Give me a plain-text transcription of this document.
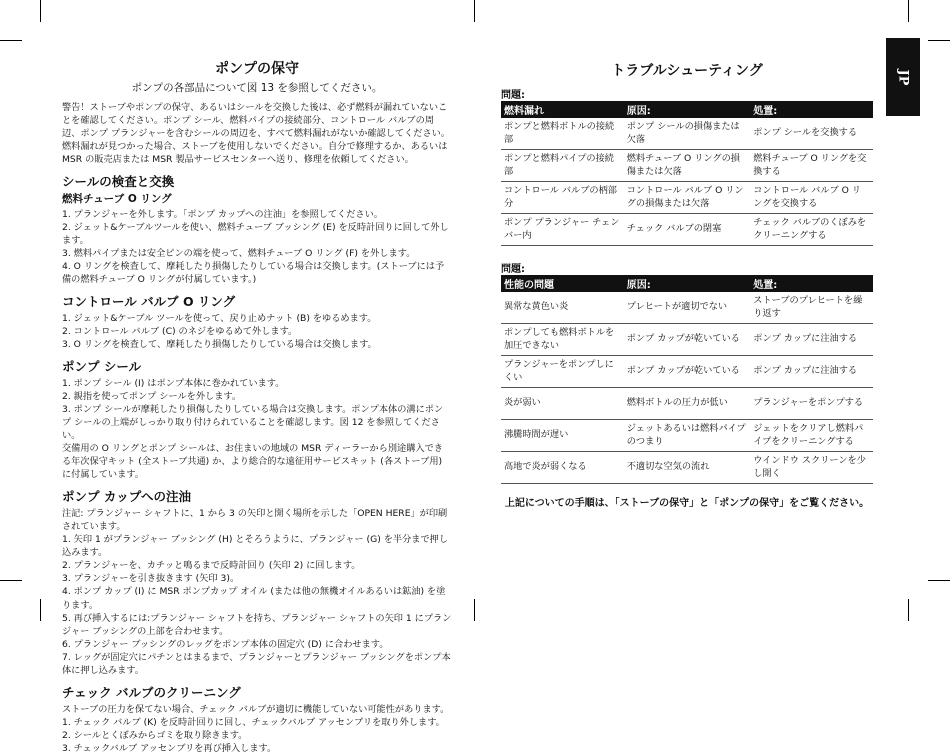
JP
ポンプの保守
ポンプの各部品について図 13 を参照してください。

警告！ストーブやポンプの保守、あるいはシールを交換した後は、必ず燃料が漏れていないことを確認してください。ポンプ シール、燃料パイプの接続部分、コントロール バルブの周辺、ポンプ プランジャーを含むシールの周辺を、すべて燃料漏れがないか確認してください。燃料漏れが見つかった場合、ストーブを使用しないでください。自分で修理するか、あるいは MSR の販売店または MSR 製品サービスセンターへ送り、修理を依頼してください。

シールの検査と交換
燃料チューブ O リング

1. プランジャーを外します。「ポンプ カップへの注油」を参照してください。

2. ジェット&ケーブルツールを使い、燃料チューブ ブッシング (E) を反時計回りに回して外します。

3. 燃料パイプまたは安全ピンの端を使って、燃料チューブ O リング (F) を外します。

4. O リングを検査して、摩耗したり損傷したりしている場合は交換します。(ストーブには予備の燃料チューブ O リングが付属しています。)

コントロール バルブ O リング

1. ジェット&ケーブル ツールを使って、戻り止めナット (B) をゆるめます。

2. コントロール バルブ (C) のネジをゆるめて外します。

3. O リングを検査して、摩耗したり損傷したりしている場合は交換します。

ポンプ シール

1. ポンプ シール (I) はポンプ本体に巻かれています。

2. 親指を使ってポンプ シールを外します。

3. ポンプ シールが摩耗したり損傷したりしている場合は交換します。ポンプ本体の溝にポンプ シールの上端がしっかり取り付けられていることを確認します。図 12 を参照してください。

交備用の O リングとポンプ シールは、お住まいの地域の MSR ディーラーから別途購入できる年次保守キット (全ストーブ共通) か、より総合的な遠征用サービスキット (各ストーブ用) に付属しています。

ポンプ カップへの注油

注記: プランジャー シャフトに、1 から 3 の矢印と開く場所を示した「OPEN HERE」が印刷されています。

1. 矢印 1 がプランジャー ブッシング (H) とそろうように、プランジャー (G) を半分まで押し込みます。

2. プランジャーを、カチッと鳴るまで反時計回り (矢印 2) に回します。

3. プランジャーを引き抜きます (矢印 3)。

4. ポンプ カップ (I) に MSR ポンプカップ オイル (または他の無機オイルあるいは鉱油) を塗ります。

5. 再び挿入するには:プランジャー シャフトを持ち、プランジャー シャフトの矢印 1 にプランジャー ブッシングの上部を合わせます。

6. プランジャー ブッシングのレッグをポンプ本体の固定穴 (D) に合わせます。

7. レッグが固定穴にパチンとはまるまで、プランジャーとプランジャー ブッシングをポンプ本体に押し込みます。

チェック バルブのクリーニング

ストーブの圧力を保てない場合、チェック バルブが適切に機能していない可能性があります。

1. チェック バルブ (K) を反時計回りに回し、チェックバルブ アッセンブリを取り外します。

2. シールとくぼみからゴミを取り除きます。

3. チェックバルブ アッセンブリを再び挿入します。

トラブルシューティング
問題:
燃料漏れ	原因:	処置:
ポンプと燃料ボトルの接続部	ポンプ シールの損傷または欠落	ポンプ シールを交換する
ポンプと燃料パイプの接続部	燃料チューブ O リングの損傷または欠落	燃料チューブ O リングを交換する
コントロール バルブの柄部分	コントロール バルブ O リングの損傷または欠落	コントロール バルブ O リングを交換する
ポンプ プランジャー チェンバー内	チェック バルブの閉塞	チェック バルブのくぼみをクリーニングする
問題:
性能の問題	原因:	処置:
異常な黄色い炎	プレヒートが適切でない	ストーブのプレヒートを繰り返す
ポンプしても燃料ボトルを加圧できない	ポンプ カップが乾いている	ポンプ カップに注油する
プランジャーをポンプしにくい	ポンプ カップが乾いている	ポンプ カップに注油する
炎が弱い	燃料ボトルの圧力が低い	プランジャーをポンプする
沸騰時間が遅い	ジェットあるいは燃料パイプのつまり	ジェットをクリアし燃料パイプをクリーニングする
高地で炎が弱くなる	不適切な空気の流れ	ウインドウ スクリーンを少し開く
上記についての手順は、「ストーブの保守」と「ポンプの保守」をご覧ください。
